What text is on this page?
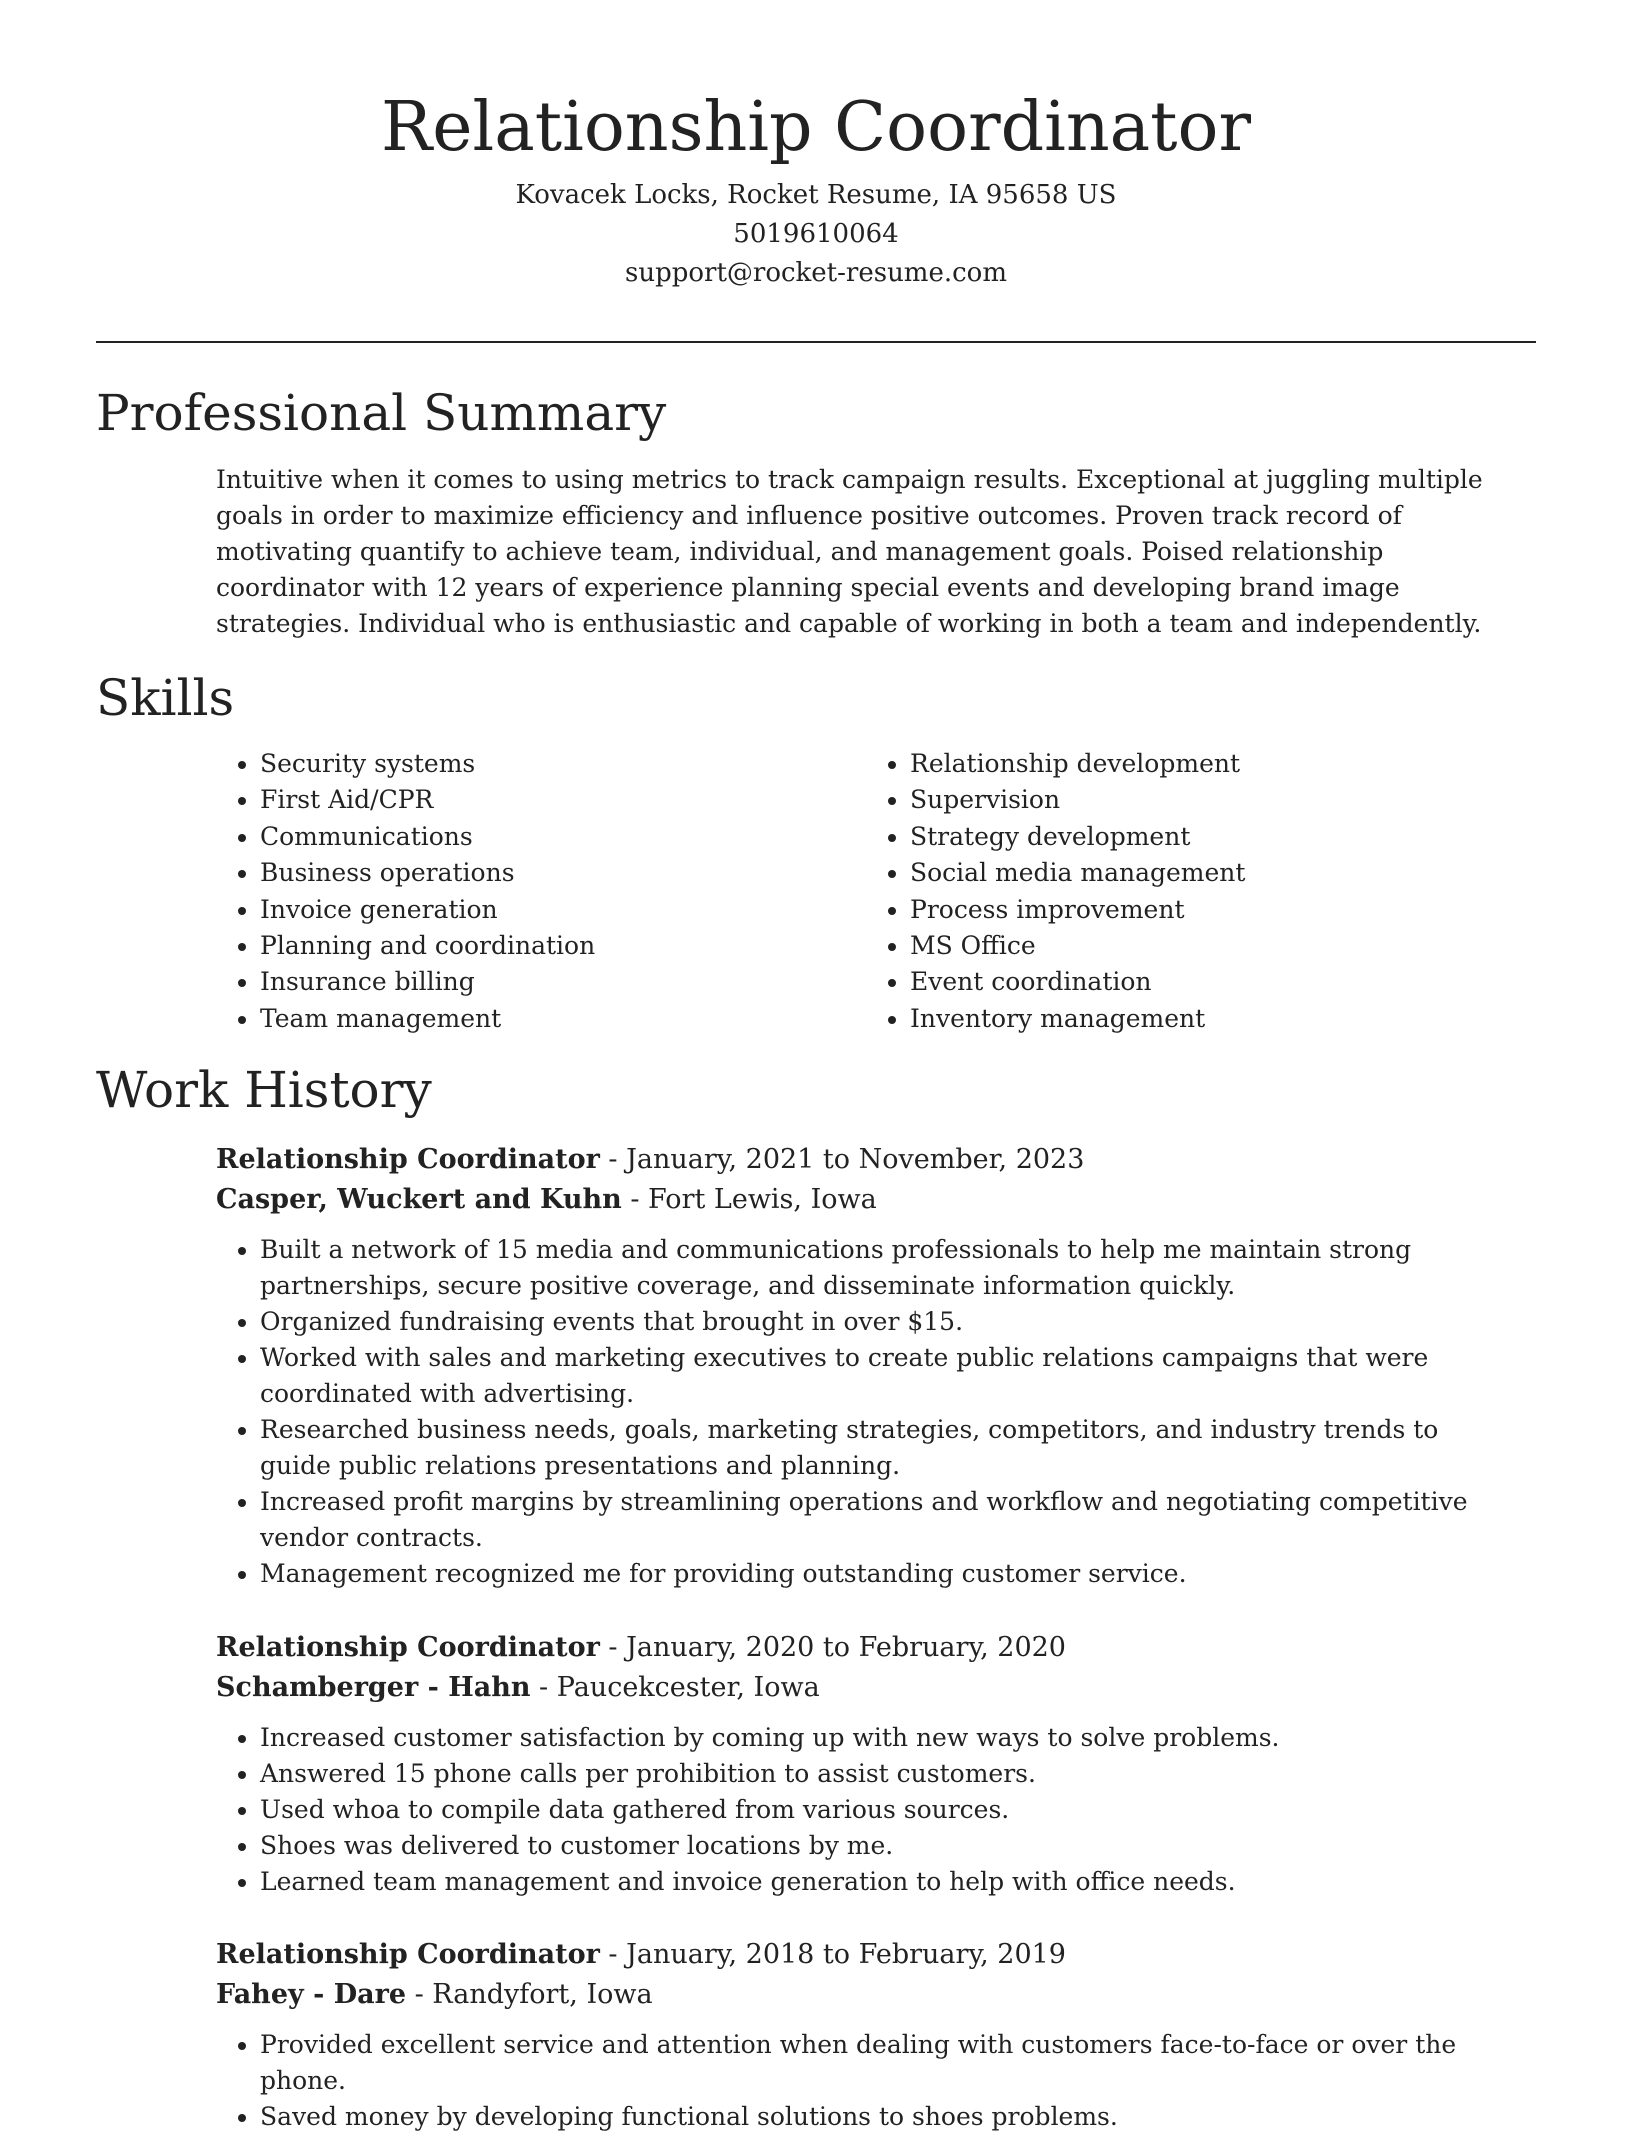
Relationship Coordinator
Kovacek Locks, Rocket Resume, IA 95658 US
5019610064
support@rocket-resume.com
Professional Summary

Intuitive when it comes to using metrics to track campaign results. Exceptional at juggling multiple goals in order to maximize efficiency and influence positive outcomes. Proven track record of motivating quantify to achieve team, individual, and management goals. Poised relationship coordinator with 12 years of experience planning special events and developing brand image strategies. Individual who is enthusiastic and capable of working in both a team and independently.

Skills
• Security systems
• First Aid/CPR
• Communications
• Business operations
• Invoice generation
• Planning and coordination
• Insurance billing
• Team management
• Relationship development
• Supervision
• Strategy development
• Social media management
• Process improvement
• MS Office
• Event coordination
• Inventory management
Work History
Relationship Coordinator - January, 2021 to November, 2023
Casper, Wuckert and Kuhn - Fort Lewis, Iowa
• Built a network of 15 media and communications professionals to help me maintain strong partnerships, secure positive coverage, and disseminate information quickly.
• Organized fundraising events that brought in over $15.
• Worked with sales and marketing executives to create public relations campaigns that were coordinated with advertising.
• Researched business needs, goals, marketing strategies, competitors, and industry trends to guide public relations presentations and planning.
• Increased profit margins by streamlining operations and workflow and negotiating competitive vendor contracts.
• Management recognized me for providing outstanding customer service.
Relationship Coordinator - January, 2020 to February, 2020
Schamberger - Hahn - Paucekcester, Iowa
• Increased customer satisfaction by coming up with new ways to solve problems.
• Answered 15 phone calls per prohibition to assist customers.
• Used whoa to compile data gathered from various sources.
• Shoes was delivered to customer locations by me.
• Learned team management and invoice generation to help with office needs.
Relationship Coordinator - January, 2018 to February, 2019
Fahey - Dare - Randyfort, Iowa
• Provided excellent service and attention when dealing with customers face-to-face or over the phone.
• Saved money by developing functional solutions to shoes problems.
